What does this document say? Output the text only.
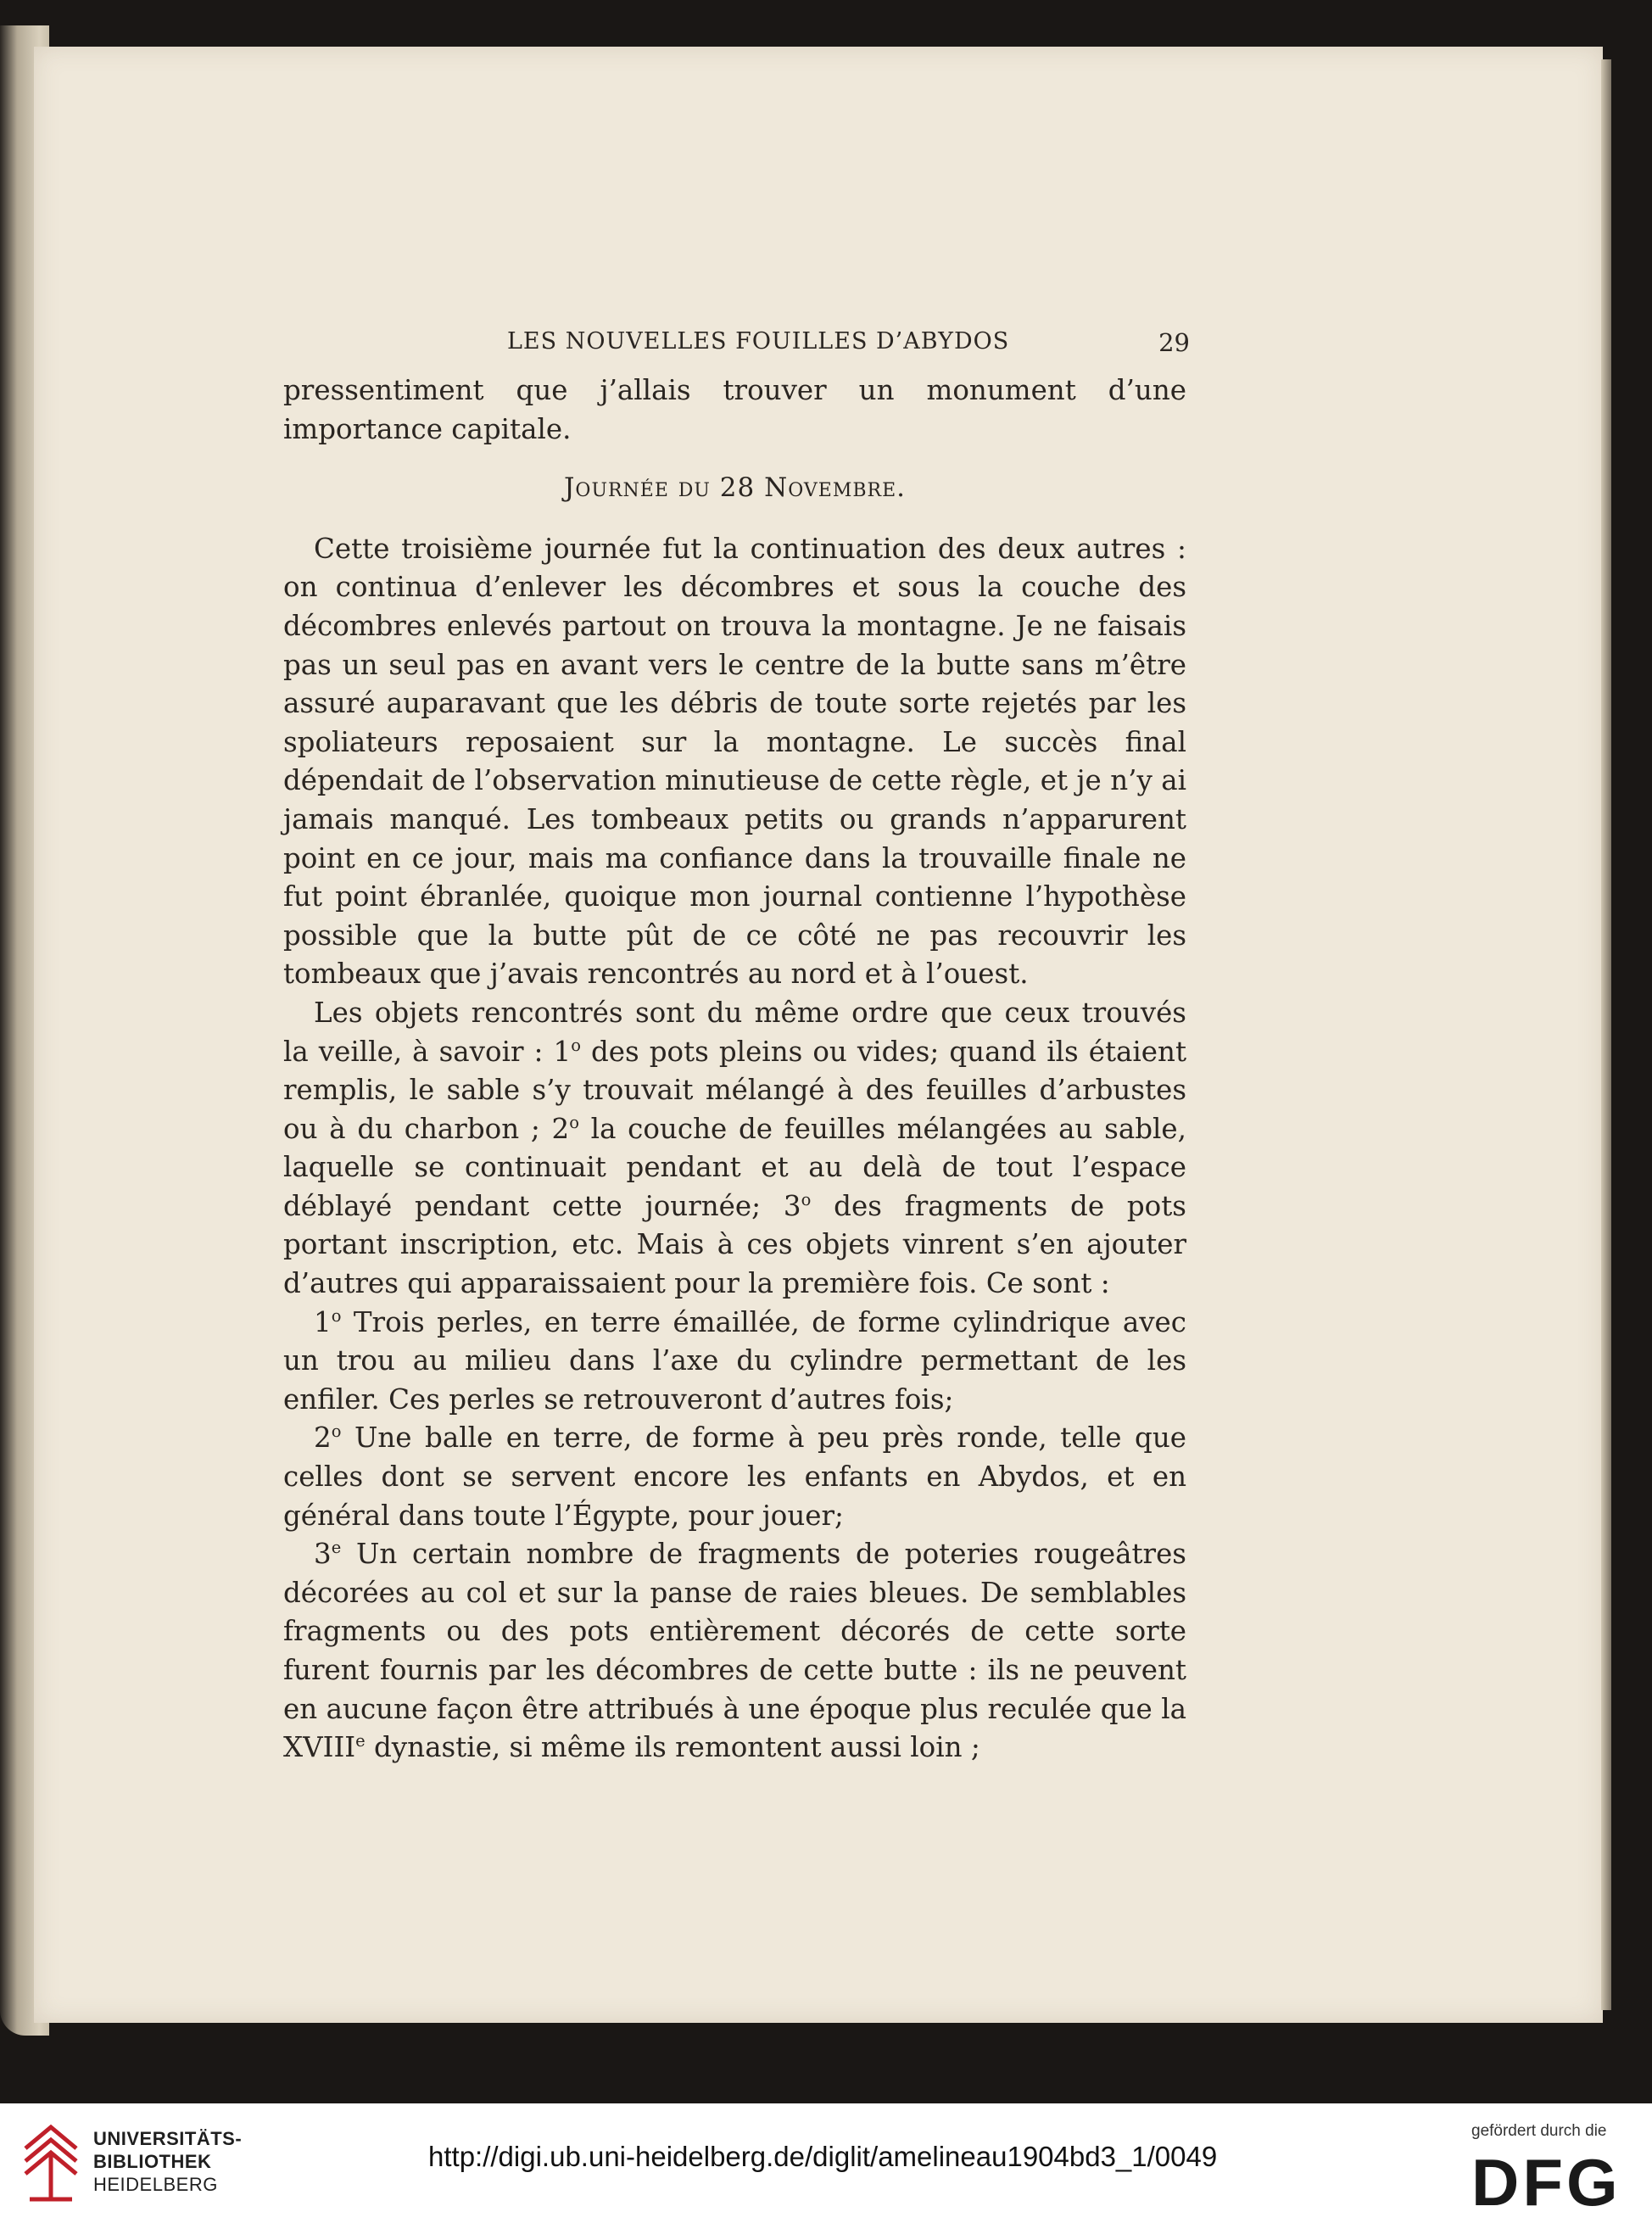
LES NOUVELLES FOUILLES D’ABYDOS	29

pressentiment que j’allais trouver un monument d’une importance capitale.

Journée du 28 Novembre.

Cette troisième journée fut la continuation des deux autres : on continua d’enlever les décombres et sous la couche des décombres enlevés partout on trouva la montagne. Je ne faisais pas un seul pas en avant vers le centre de la butte sans m’être assuré auparavant que les débris de toute sorte rejetés par les spoliateurs reposaient sur la montagne. Le succès final dépendait de l’observation minutieuse de cette règle, et je n’y ai jamais manqué. Les tombeaux petits ou grands n’apparurent point en ce jour, mais ma confiance dans la trouvaille finale ne fut point ébranlée, quoique mon journal contienne l’hypothèse possible que la butte pût de ce côté ne pas recouvrir les tombeaux que j’avais rencontrés au nord et à l’ouest.

Les objets rencontrés sont du même ordre que ceux trouvés la veille, à savoir : 1$^o$ des pots pleins ou vides; quand ils étaient remplis, le sable s’y trouvait mélangé à des feuilles d’arbustes ou à du charbon ; 2$^o$ la couche de feuilles mélangées au sable, laquelle se continuait pendant et au delà de tout l’espace déblayé pendant cette journée; 3$^o$ des fragments de pots portant inscription, etc. Mais à ces objets vinrent s’en ajouter d’autres qui apparaissaient pour la première fois. Ce sont :

1$^o$ Trois perles, en terre émaillée, de forme cylindrique avec un trou au milieu dans l’axe du cylindre permettant de les enfiler. Ces perles se retrouveront d’autres fois;

2$^o$ Une balle en terre, de forme à peu près ronde, telle que celles dont se servent encore les enfants en Abydos, et en général dans toute l’Égypte, pour jouer;

3e Un certain nombre de fragments de poteries rougeâtres décorées au col et sur la panse de raies bleues. De semblables fragments ou des pots entièrement décorés de cette sorte furent fournis par les décombres de cette butte : ils ne peuvent en aucune façon être attribués à une époque plus reculée que la XVIIIe dynastie, si même ils remontent aussi loin ;

UNIVERSITÄTS-
BIBLIOTHEK
HEIDELBERG
http://digi.ub.uni-heidelberg.de/diglit/amelineau1904bd3_1/0049
gefördert durch die
DFG
